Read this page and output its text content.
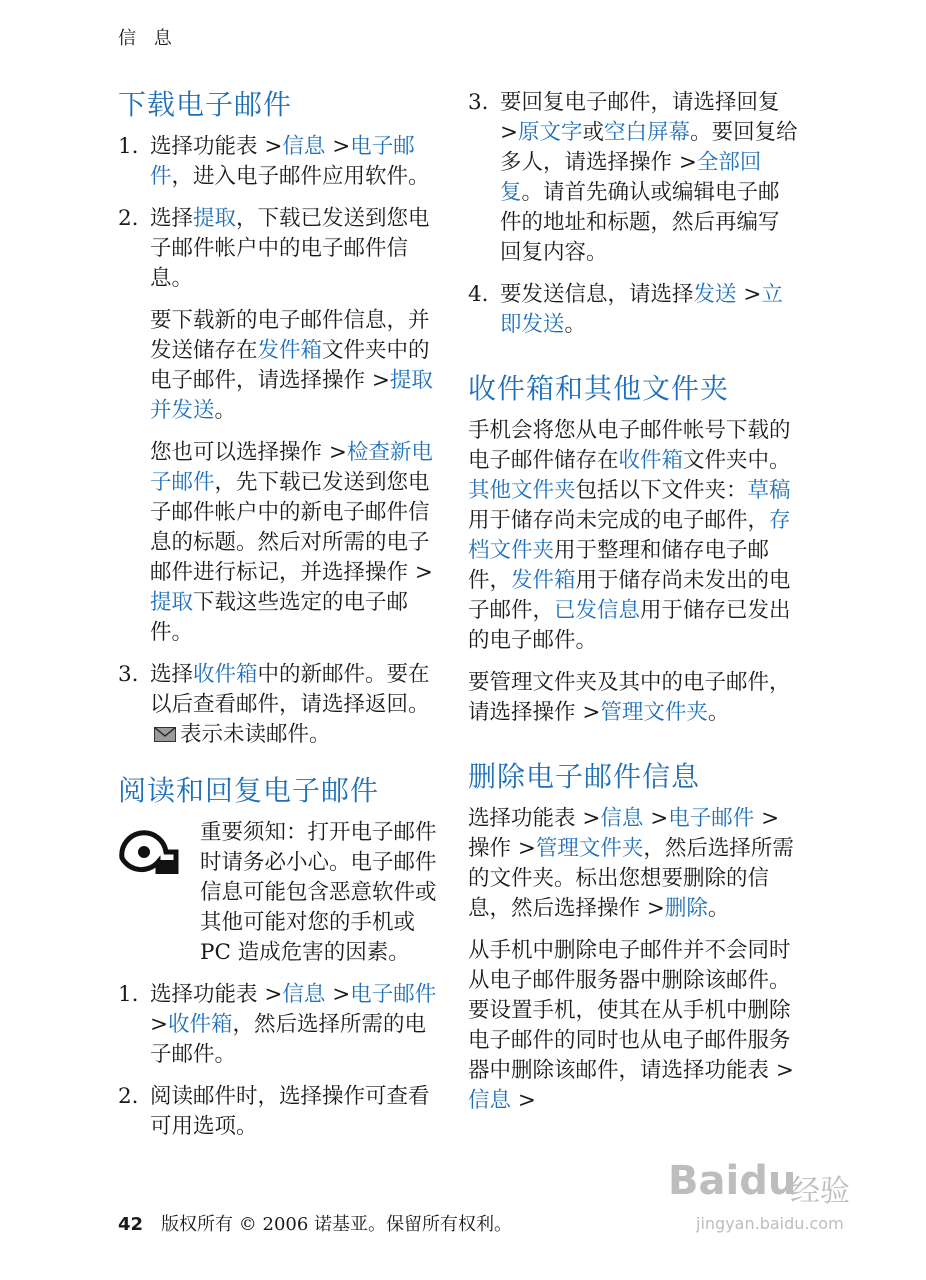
信 息
下载电子邮件

1. 选择功能表 >信息 >电子邮件，进入电子邮件应用软件。

2. 选择提取，下载已发送到您电子邮件帐户中的电子邮件信息。

要下载新的电子邮件信息，并发送储存在发件箱文件夹中的电子邮件，请选择操作 >提取并发送。

您也可以选择操作 >检查新电子邮件，先下载已发送到您电子邮件帐户中的新电子邮件信息的标题。然后对所需的电子邮件进行标记，并选择操作 >提取下载这些选定的电子邮件。

3. 选择收件箱中的新邮件。要在以后查看邮件，请选择返回。 表示未读邮件。

阅读和回复电子邮件

重要须知：打开电子邮件时请务必小心。电子邮件信息可能包含恶意软件或其他可能对您的手机或 PC 造成危害的因素。

1. 选择功能表 >信息 >电子邮件 >收件箱，然后选择所需的电子邮件。

2. 阅读邮件时，选择操作可查看可用选项。

3. 要回复电子邮件，请选择回复 >原文字或空白屏幕。要回复给多人，请选择操作 >全部回复。请首先确认或编辑电子邮件的地址和标题，然后再编写回复内容。

4. 要发送信息，请选择发送 >立即发送。

收件箱和其他文件夹

手机会将您从电子邮件帐号下载的电子邮件储存在收件箱文件夹中。其他文件夹包括以下文件夹：草稿用于储存尚未完成的电子邮件，存档文件夹用于整理和储存电子邮件，发件箱用于储存尚未发出的电子邮件，已发信息用于储存已发出的电子邮件。

要管理文件夹及其中的电子邮件，请选择操作 >管理文件夹。

删除电子邮件信息

选择功能表 >信息 >电子邮件 >操作 >管理文件夹，然后选择所需的文件夹。标出您想要删除的信息，然后选择操作 >删除。

从手机中删除电子邮件并不会同时从电子邮件服务器中删除该邮件。要设置手机，使其在从手机中删除电子邮件的同时也从电子邮件服务器中删除该邮件，请选择功能表 >信息 >

42 版权所有 © 2006 诺基亚。保留所有权利。
Baidu
经验
jingyan.baidu.com
